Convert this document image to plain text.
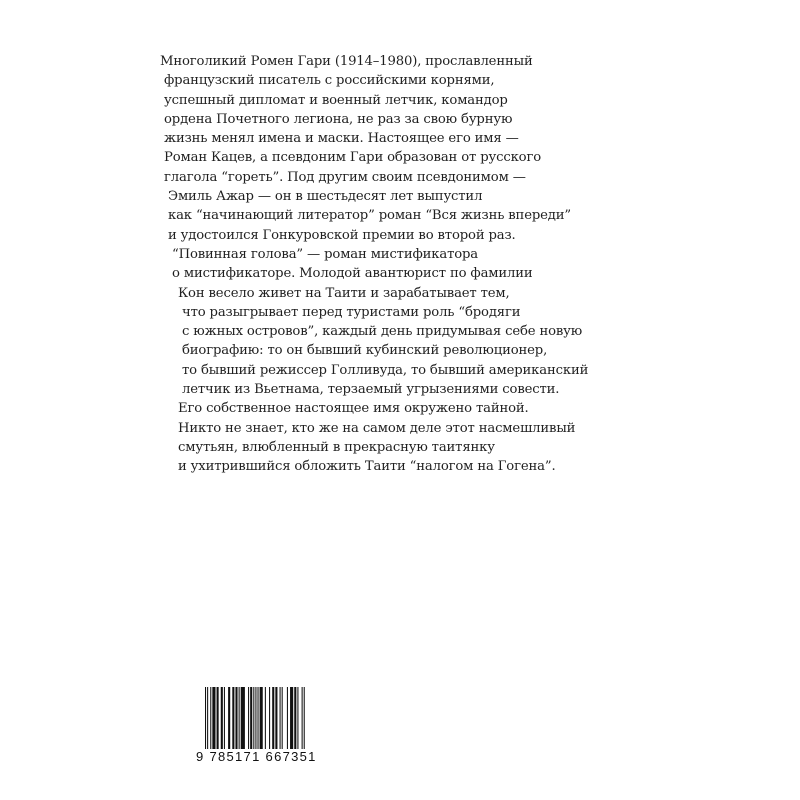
Многоликий Ромен Гари (1914–1980), прославленный
французский писатель с российскими корнями,
успешный дипломат и военный летчик, командор
ордена Почетного легиона, не раз за свою бурную
жизнь менял имена и маски. Настоящее его имя —
Роман Кацев, а псевдоним Гари образован от русского
глагола “гореть”. Под другим своим псевдонимом —
Эмиль Ажар — он в шестьдесят лет выпустил
как “начинающий литератор” роман “Вся жизнь впереди”
и удостоился Гонкуровской премии во второй раз.
“Повинная голова” — роман мистификатора
о мистификаторе. Молодой авантюрист по фамилии
Кон весело живет на Таити и зарабатывает тем,
что разыгрывает перед туристами роль “бродяги
с южных островов”, каждый день придумывая себе новую
биографию: то он бывший кубинский революционер,
то бывший режиссер Голливуда, то бывший американский
летчик из Вьетнама, терзаемый угрызениями совести.
Его собственное настоящее имя окружено тайной.
Никто не знает, кто же на самом деле этот насмешливый
смутьян, влюбленный в прекрасную таитянку
и ухитрившийся обложить Таити “налогом на Гогена”.
9 785171 667351
